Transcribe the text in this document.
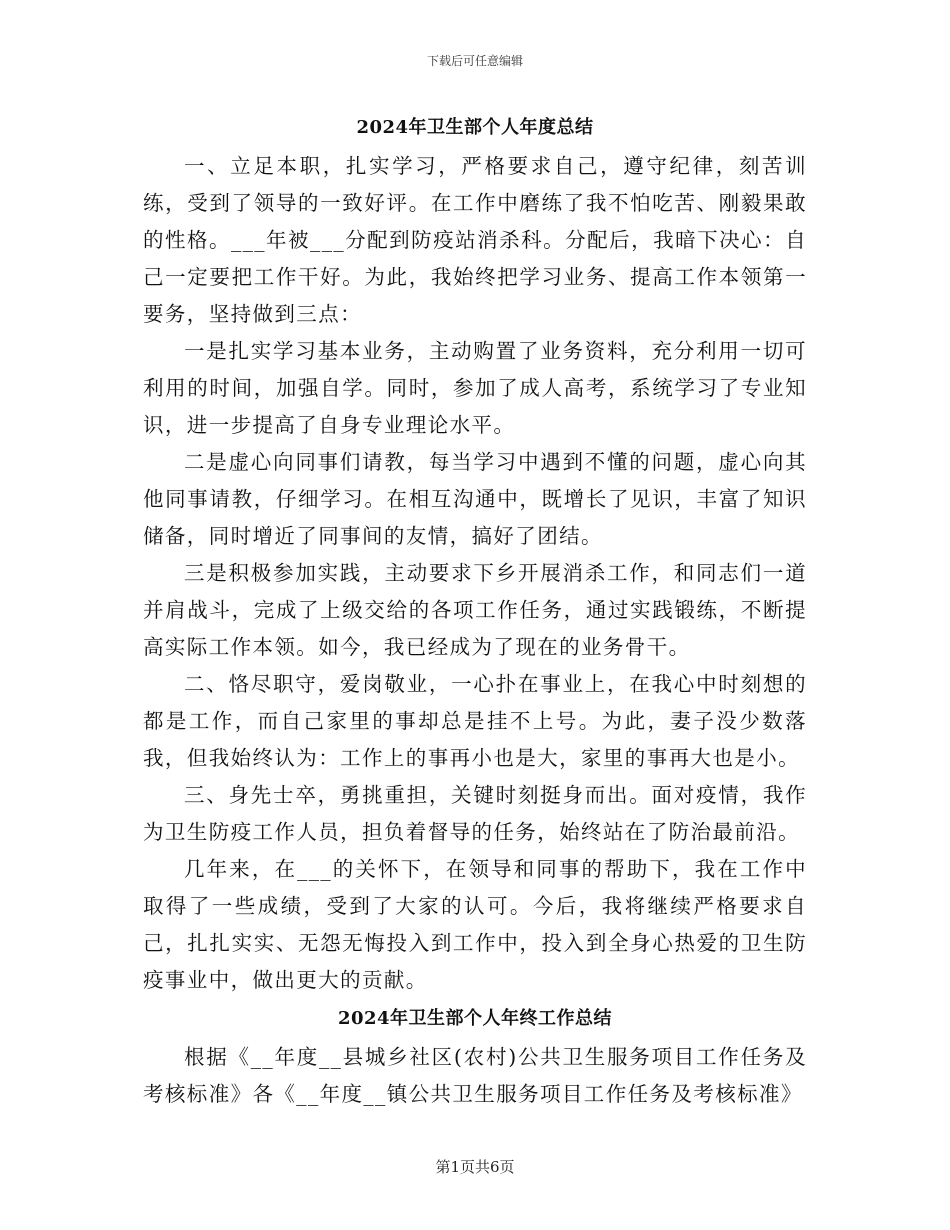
下载后可任意编辑
2024年卫生部个人年度总结

一、立足本职，扎实学习，严格要求自己，遵守纪律，刻苦训练，受到了领导的一致好评。在工作中磨练了我不怕吃苦、刚毅果敢的性格。___年被___分配到防疫站消杀科。分配后，我暗下决心：自己一定要把工作干好。为此，我始终把学习业务、提高工作本领第一要务，坚持做到三点：

一是扎实学习基本业务，主动购置了业务资料，充分利用一切可利用的时间，加强自学。同时，参加了成人高考，系统学习了专业知识，进一步提高了自身专业理论水平。

二是虚心向同事们请教，每当学习中遇到不懂的问题，虚心向其他同事请教，仔细学习。在相互沟通中，既增长了见识，丰富了知识储备，同时增近了同事间的友情，搞好了团结。

三是积极参加实践，主动要求下乡开展消杀工作，和同志们一道并肩战斗，完成了上级交给的各项工作任务，通过实践锻练，不断提高实际工作本领。如今，我已经成为了现在的业务骨干。

二、恪尽职守，爱岗敬业，一心扑在事业上，在我心中时刻想的都是工作，而自己家里的事却总是挂不上号。为此，妻子没少数落我，但我始终认为：工作上的事再小也是大，家里的事再大也是小。

三、身先士卒，勇挑重担，关键时刻挺身而出。面对疫情，我作为卫生防疫工作人员，担负着督导的任务，始终站在了防治最前沿。

几年来，在___的关怀下，在领导和同事的帮助下，我在工作中取得了一些成绩，受到了大家的认可。今后，我将继续严格要求自己，扎扎实实、无怨无悔投入到工作中，投入到全身心热爱的卫生防疫事业中，做出更大的贡献。

2024年卫生部个人年终工作总结

根据《__年度__县城乡社区(农村)公共卫生服务项目工作任务及考核标准》各《__年度__镇公共卫生服务项目工作任务及考核标准》

第1页共6页
